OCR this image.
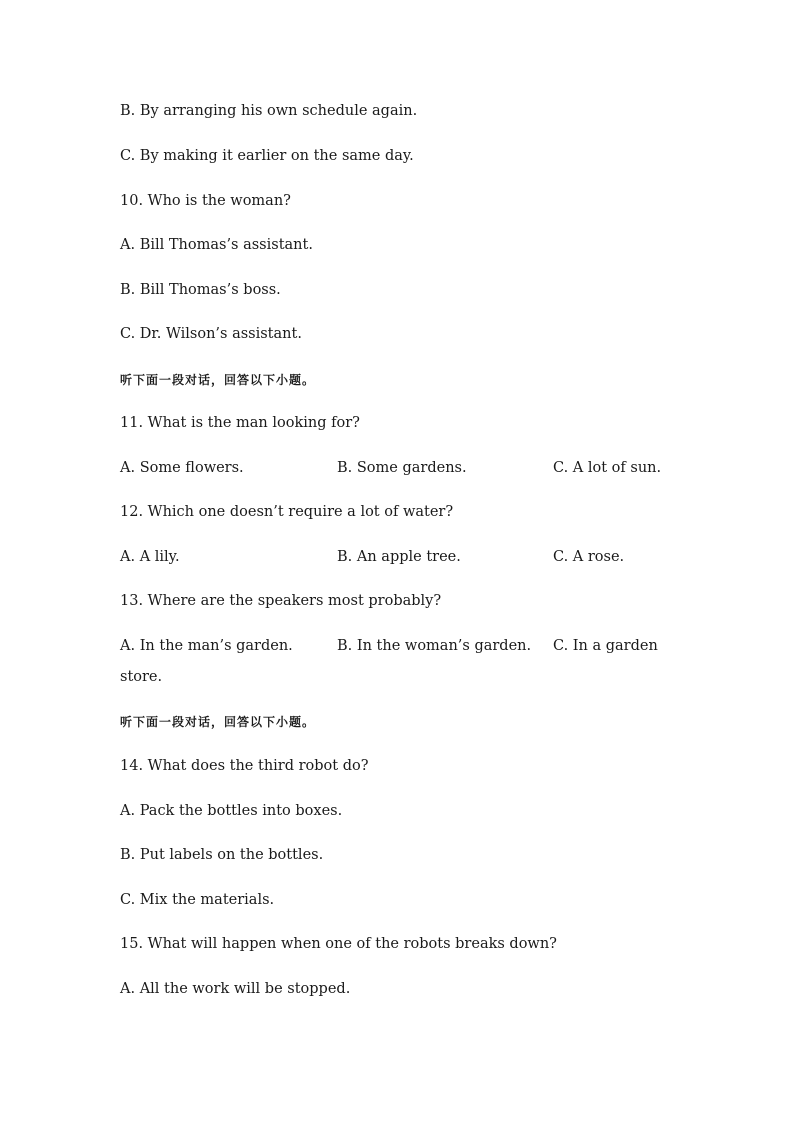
B. By arranging his own schedule again.
C. By making it earlier on the same day.
10. Who is the woman?
A. Bill Thomas’s assistant.
B. Bill Thomas’s boss.
C. Dr. Wilson’s assistant.
听下面一段对话，回答以下小题。
11. What is the man looking for?
A. Some flowers.	B. Some gardens.	C. A lot of sun.
12. Which one doesn’t require a lot of water?
A. A lily.	B. An apple tree.	C. A rose.
13. Where are the speakers most probably?
A. In the man’s garden.	B. In the woman’s garden. C. In a garden
store.
听下面一段对话，回答以下小题。
14. What does the third robot do?
A. Pack the bottles into boxes.
B. Put labels on the bottles.
C. Mix the materials.
15. What will happen when one of the robots breaks down?
A. All the work will be stopped.
